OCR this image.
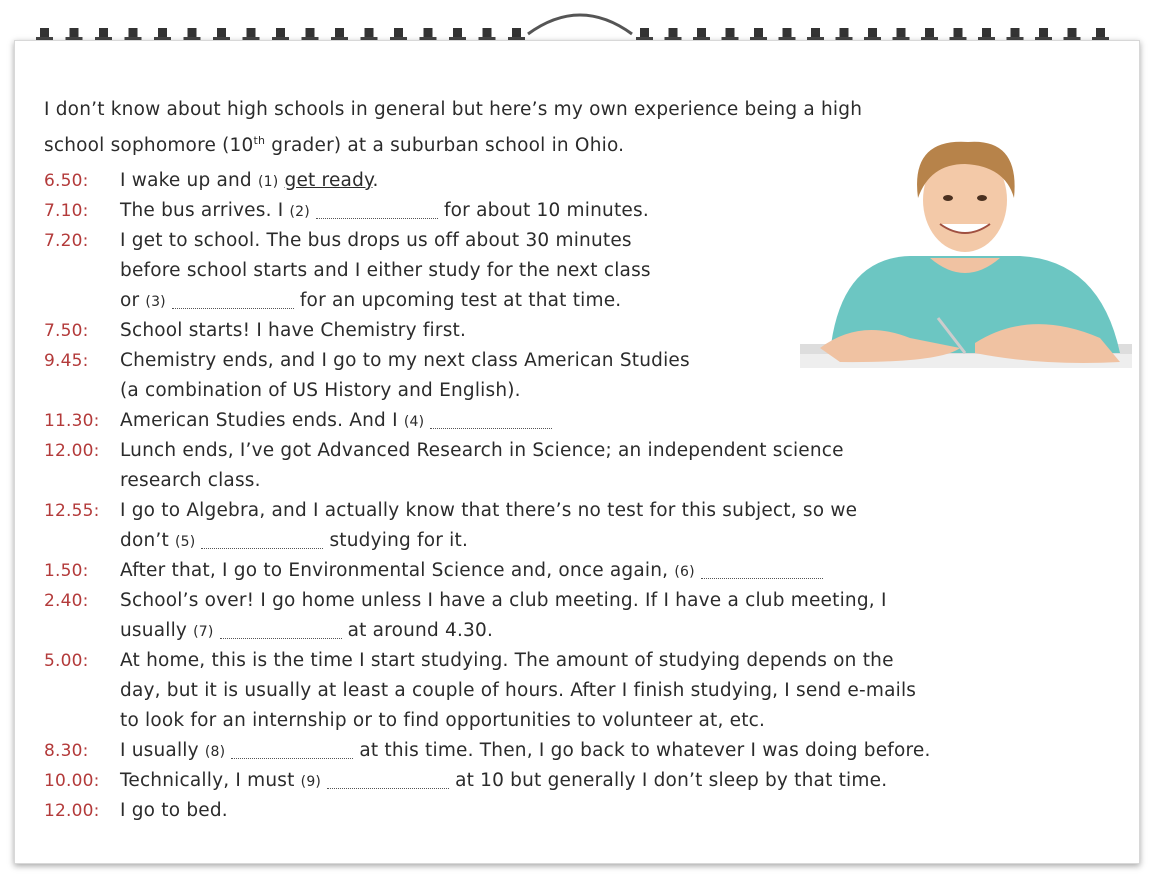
I don’t know about high schools in general but here’s my own experience being a high
school sophomore (10th grader) at a suburban school in Ohio.
6.50: I wake up and (1) get ready.
7.10: The bus arrives. I (2)	for about 10 minutes.
7.20: I get to school. The bus drops us off about 30 minutes
before school starts and I either study for the next class
or (3)	for an upcoming test at that time.
7.50: School starts! I have Chemistry first.
9.45: Chemistry ends, and I go to my next class American Studies
(a combination of US History and English).
11.30: American Studies ends. And I (4)
12.00: Lunch ends, I’ve got Advanced Research in Science; an independent science
research class.
12.55: I go to Algebra, and I actually know that there’s no test for this subject, so we
don’t (5)	studying for it.
1.50: After that, I go to Environmental Science and, once again, (6)
2.40: School’s over! I go home unless I have a club meeting. If I have a club meeting, I
usually (7)	at around 4.30.
5.00: At home, this is the time I start studying. The amount of studying depends on the
day, but it is usually at least a couple of hours. After I finish studying, I send e-mails
to look for an internship or to find opportunities to volunteer at, etc.
8.30: I usually (8)	at this time. Then, I go back to whatever I was doing before.
10.00: Technically, I must (9)	at 10 but generally I don’t sleep by that time.
12.00: I go to bed.
